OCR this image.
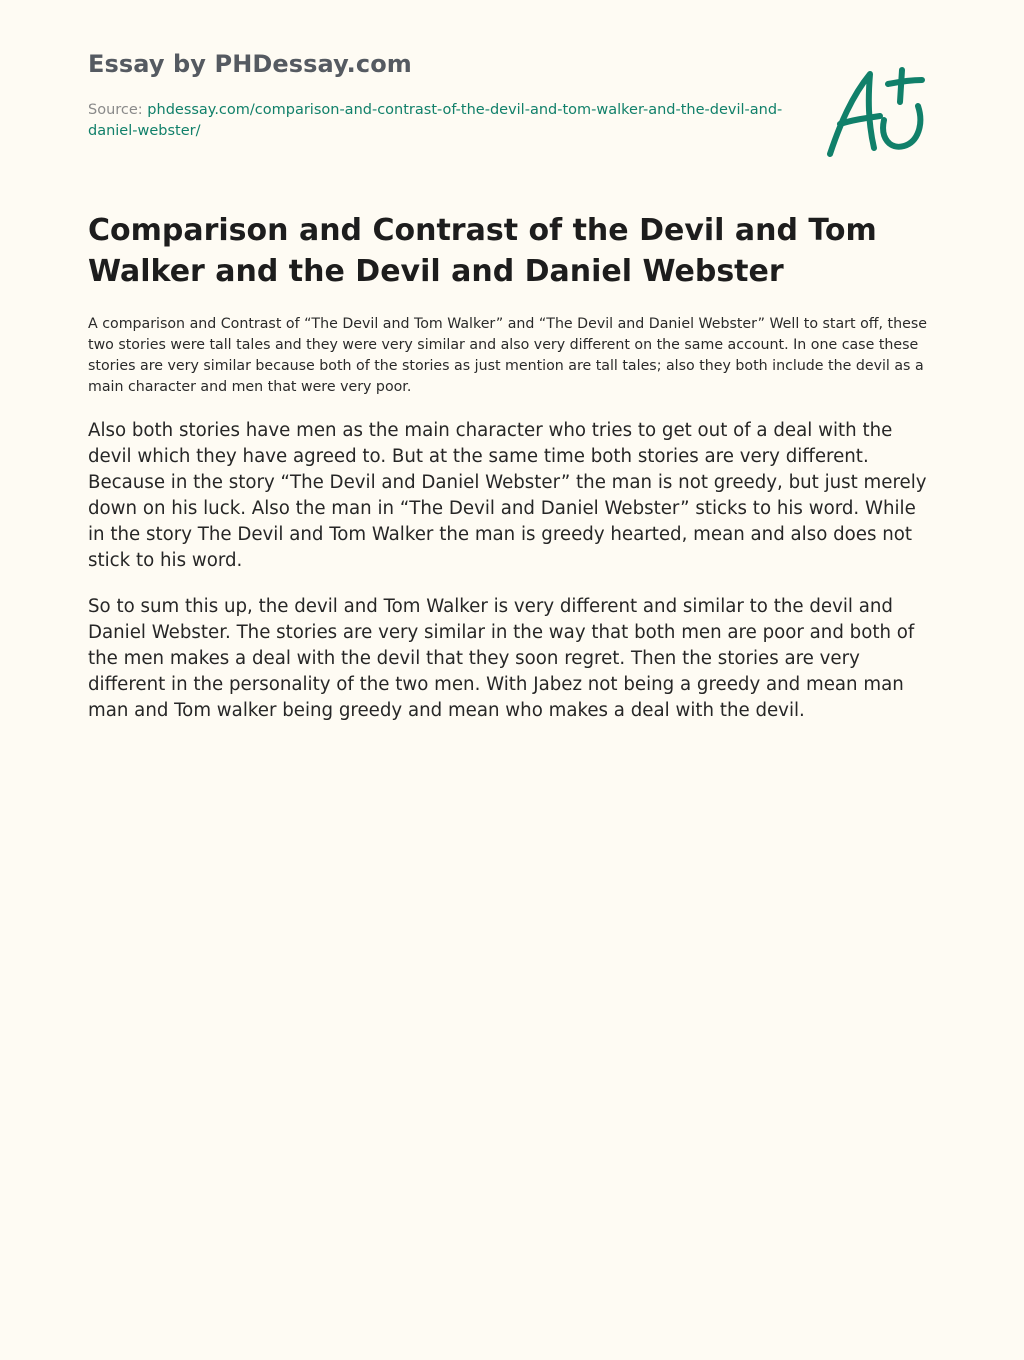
Essay by PHDessay.com
Source: phdessay.com/comparison-and-contrast-of-the-devil-and-tom-walker-and-the-devil-and-daniel-webster/
Comparison and Contrast of the Devil and Tom Walker and the Devil and Daniel Webster

A comparison and Contrast of “The Devil and Tom Walker” and “The Devil and Daniel Webster” Well to start off, these two stories were tall tales and they were very similar and also very different on the same account. In one case these stories are very similar because both of the stories as just mention are tall tales; also they both include the devil as a main character and men that were very poor.

Also both stories have men as the main character who tries to get out of a deal with the devil which they have agreed to. But at the same time both stories are very different. Because in the story “The Devil and Daniel Webster” the man is not greedy, but just merely down on his luck. Also the man in “The Devil and Daniel Webster” sticks to his word. While in the story The Devil and Tom Walker the man is greedy hearted, mean and also does not stick to his word.

So to sum this up, the devil and Tom Walker is very different and similar to the devil and Daniel Webster. The stories are very similar in the way that both men are poor and both of the men makes a deal with the devil that they soon regret. Then the stories are very different in the personality of the two men. With Jabez not being a greedy and mean man man and Tom walker being greedy and mean who makes a deal with the devil.
